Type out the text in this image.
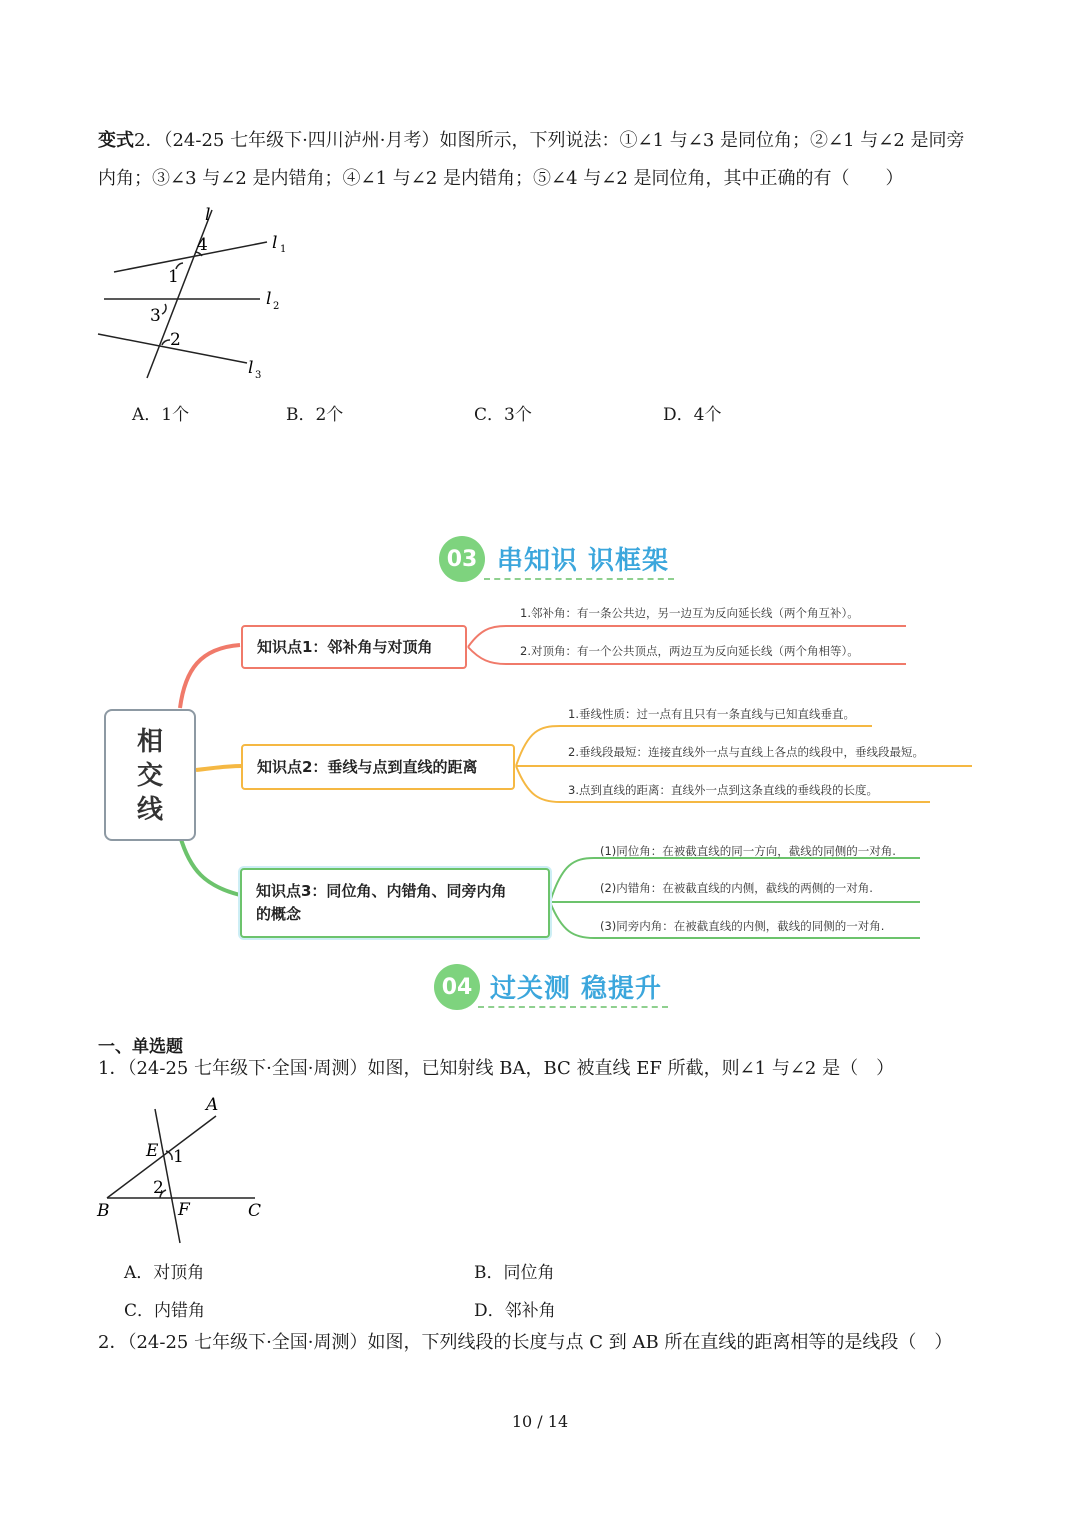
变式2．（24-25 七年级下·四川泸州·月考）如图所示，下列说法：①∠1 与∠3 是同位角；②∠1 与∠2 是同旁
内角；③∠3 与∠2 是内错角；④∠1 与∠2 是内错角；⑤∠4 与∠2 是同位角，其中正确的有（　　）
l
4
1
3
2
l 1
l 2
l 3
A．1个	B．2个	C．3个	D．4个
03 串知识 识框架
相
交
线
知识点1：邻补角与对顶角
1.邻补角：有一条公共边，另一边互为反向延长线（两个角互补）。
2.对顶角：有一个公共顶点，两边互为反向延长线（两个角相等）。
知识点2：垂线与点到直线的距离
1.垂线性质：过一点有且只有一条直线与已知直线垂直。
2.垂线段最短：连接直线外一点与直线上各点的线段中，垂线段最短。
3.点到直线的距离：直线外一点到这条直线的垂线段的长度。
知识点3：同位角、内错角、同旁内角
的概念
(1)同位角：在被截直线的同一方向，截线的同侧的一对角.
(2)内错角：在被截直线的内侧，截线的两侧的一对角.
(3)同旁内角：在被截直线的内侧，截线的同侧的一对角.
04 过关测 稳提升
一、单选题
1．（24-25 七年级下·全国·周测）如图，已知射线 BA，BC 被直线 EF 所截，则∠1 与∠2 是（　）
A
E 1
2
B	F	C
A．对顶角	B．同位角
C．内错角	D．邻补角
2．（24-25 七年级下·全国·周测）如图，下列线段的长度与点 C 到 AB 所在直线的距离相等的是线段（　）
10 / 14
